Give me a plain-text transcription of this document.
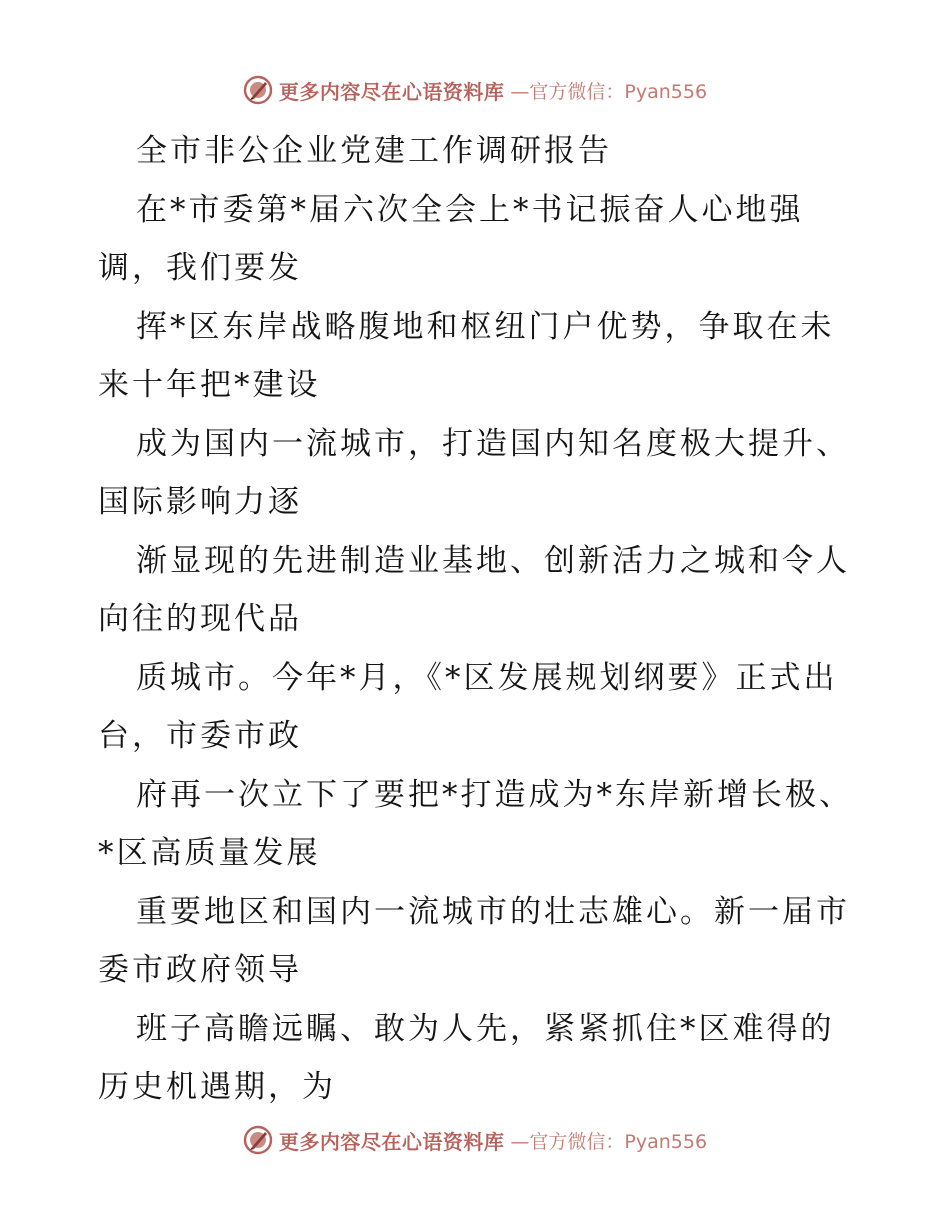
更多内容尽在心语资料库 —官方微信：Pyan556
全市非公企业党建工作调研报告
在*市委第*届六次全会上*书记振奋人心地强
调，我们要发
挥*区东岸战略腹地和枢纽门户优势，争取在未
来十年把*建设
成为国内一流城市，打造国内知名度极大提升、
国际影响力逐
渐显现的先进制造业基地、创新活力之城和令人
向往的现代品
质城市。今年*月，《*区发展规划纲要》正式出
台，市委市政
府再一次立下了要把*打造成为*东岸新增长极、
*区高质量发展
重要地区和国内一流城市的壮志雄心。新一届市
委市政府领导
班子高瞻远瞩、敢为人先，紧紧抓住*区难得的
历史机遇期，为
更多内容尽在心语资料库 —官方微信：Pyan556
